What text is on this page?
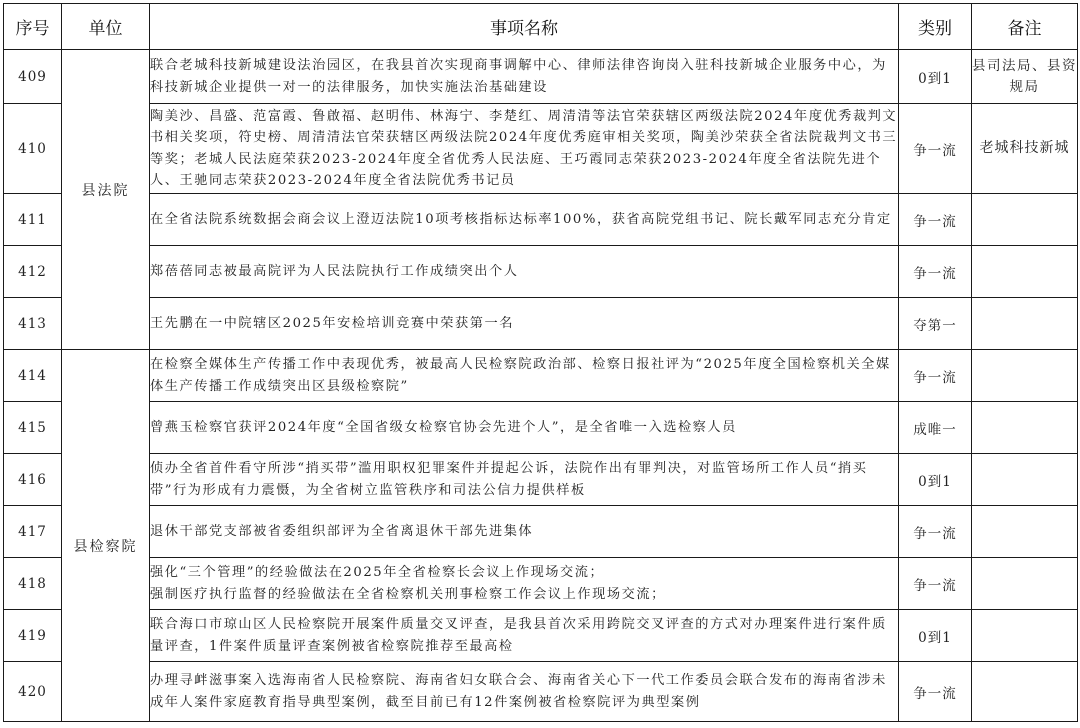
序号	单位	事项名称	类别	备注
409	县法院	联合老城科技新城建设法治园区，在我县首次实现商事调解中心、律师法律咨询岗入驻科技新城企业服务中心，为科技新城企业提供一对一的法律服务，加快实施法治基础建设	0到1	县司法局、县资规局
410		陶美沙、昌盛、范富霞、鲁啟福、赵明伟、林海宁、李楚红、周清清等法官荣获辖区两级法院2024年度优秀裁判文书相关奖项，符史榜、周清清法官荣获辖区两级法院2024年度优秀庭审相关奖项，陶美沙荣获全省法院裁判文书三等奖；老城人民法庭荣获2023-2024年度全省优秀人民法庭、王巧霞同志荣获2023-2024年度全省法院先进个人、王驰同志荣获2023-2024年度全省法院优秀书记员	争一流	老城科技新城
411		在全省法院系统数据会商会议上澄迈法院10项考核指标达标率100%，获省高院党组书记、院长戴军同志充分肯定	争一流	
412		郑蓓蓓同志被最高院评为人民法院执行工作成绩突出个人	争一流	
413		王先鹏在一中院辖区2025年安检培训竞赛中荣获第一名	夺第一	
414	县检察院	在检察全媒体生产传播工作中表现优秀，被最高人民检察院政治部、检察日报社评为“2025年度全国检察机关全媒体生产传播工作成绩突出区县级检察院”	争一流	
415		曾燕玉检察官获评2024年度“全国省级女检察官协会先进个人”，是全省唯一入选检察人员	成唯一	
416		侦办全省首件看守所涉“捎买带”滥用职权犯罪案件并提起公诉，法院作出有罪判决，对监管场所工作人员“捎买带”行为形成有力震慑，为全省树立监管秩序和司法公信力提供样板	0到1	
417		退休干部党支部被省委组织部评为全省离退休干部先进集体	争一流	
418		强化“三个管理”的经验做法在2025年全省检察长会议上作现场交流；
强制医疗执行监督的经验做法在全省检察机关刑事检察工作会议上作现场交流；	争一流	
419		联合海口市琼山区人民检察院开展案件质量交叉评查，是我县首次采用跨院交叉评查的方式对办理案件进行案件质量评查，1件案件质量评查案例被省检察院推荐至最高检	0到1	
420		办理寻衅滋事案入选海南省人民检察院、海南省妇女联合会、海南省关心下一代工作委员会联合发布的海南省涉未成年人案件家庭教育指导典型案例，截至目前已有12件案例被省检察院评为典型案例	争一流	
